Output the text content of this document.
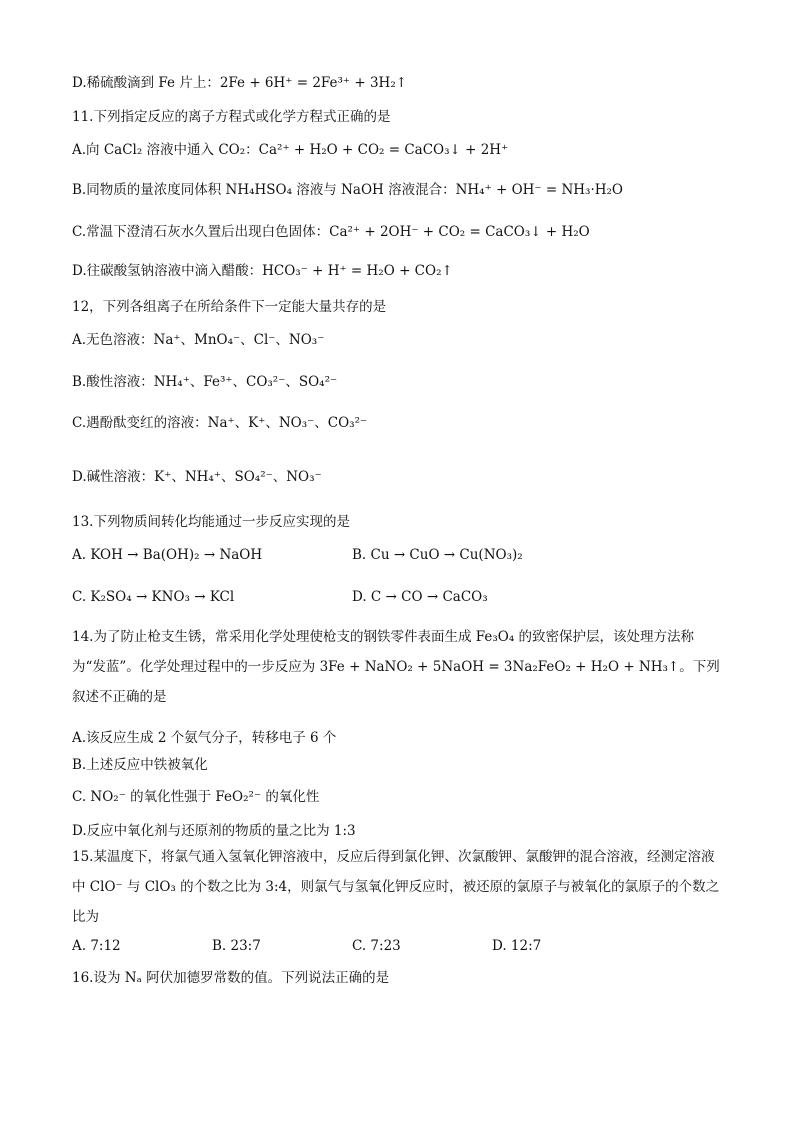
D.稀硫酸滴到 Fe 片上：2Fe + 6H⁺ = 2Fe³⁺ + 3H₂↑
11.下列指定反应的离子方程式或化学方程式正确的是
A.向 CaCl₂ 溶液中通入 CO₂：Ca²⁺ + H₂O + CO₂ = CaCO₃↓ + 2H⁺
B.同物质的量浓度同体积 NH₄HSO₄ 溶液与 NaOH 溶液混合：NH₄⁺ + OH⁻ = NH₃·H₂O
C.常温下澄清石灰水久置后出现白色固体：Ca²⁺ + 2OH⁻ + CO₂ = CaCO₃↓ + H₂O
D.往碳酸氢钠溶液中滴入醋酸：HCO₃⁻ + H⁺ = H₂O + CO₂↑
12，下列各组离子在所给条件下一定能大量共存的是
A.无色溶液：Na⁺、MnO₄⁻、Cl⁻、NO₃⁻
B.酸性溶液：NH₄⁺、Fe³⁺、CO₃²⁻、SO₄²⁻
C.遇酚酞变红的溶液：Na⁺、K⁺、NO₃⁻、CO₃²⁻
D.碱性溶液：K⁺、NH₄⁺、SO₄²⁻、NO₃⁻
13.下列物质间转化均能通过一步反应实现的是
A. KOH → Ba(OH)₂ → NaOH	B. Cu → CuO → Cu(NO₃)₂
C. K₂SO₄ → KNO₃ → KCl	D. C → CO → CaCO₃
14.为了防止枪支生锈，常采用化学处理使枪支的钢铁零件表面生成 Fe₃O₄ 的致密保护层，该处理方法称为“发蓝”。化学处理过程中的一步反应为 3Fe + NaNO₂ + 5NaOH = 3Na₂FeO₂ + H₂O + NH₃↑。下列叙述不正确的是
A.该反应生成 2 个氨气分子，转移电子 6 个
B.上述反应中铁被氧化
C. NO₂⁻ 的氧化性强于 FeO₂²⁻ 的氧化性
D.反应中氧化剂与还原剂的物质的量之比为 1:3
15.某温度下，将氯气通入氢氧化钾溶液中，反应后得到氯化钾、次氯酸钾、氯酸钾的混合溶液，经测定溶液中 ClO⁻ 与 ClO₃ 的个数之比为 3:4，则氯气与氢氧化钾反应时，被还原的氯原子与被氧化的氯原子的个数之比为
A. 7:12	B. 23:7	C. 7:23	D. 12:7
16.设为 Nₐ 阿伏加德罗常数的值。下列说法正确的是
